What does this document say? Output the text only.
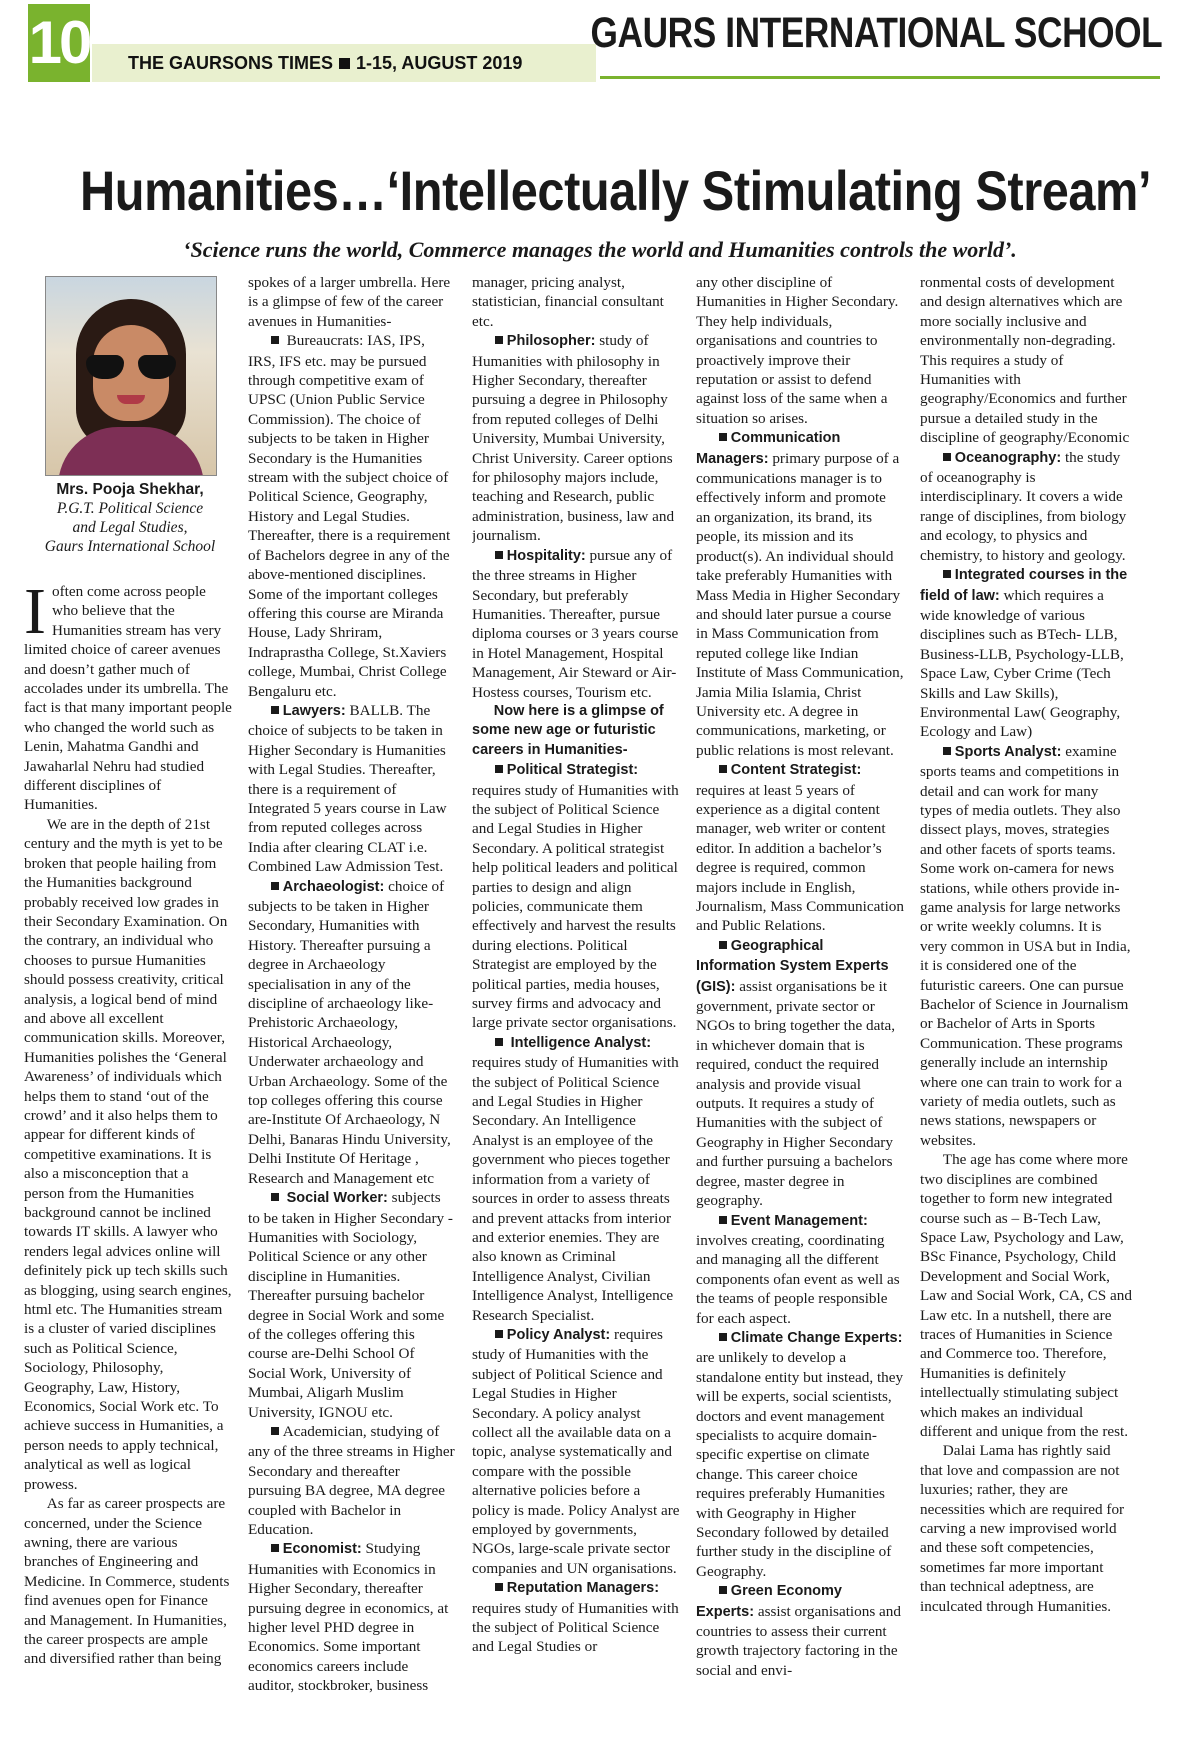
10	THE GAURSONS TIMES 1-15, AUGUST 2019
GAURS INTERNATIONAL SCHOOL
Humanities…‘Intellectually Stimulating Stream’

‘Science runs the world, Commerce manages the world and Humanities controls the world’.

Mrs. Pooja Shekhar,
P.G.T. Political Science
and Legal Studies,
Gaurs International School

Ioften come across people who believe that the Humanities stream has very limited choice of career avenues and doesn’t gather much of accolades under its umbrella. The fact is that many important people who changed the world such as Lenin, Mahatma Gandhi and Jawaharlal Nehru had studied different disciplines of Humanities.

We are in the depth of 21st century and the myth is yet to be broken that people hailing from the Humanities background probably received low grades in their Secondary Examination. On the contrary, an individual who chooses to pursue Humanities should possess creativity, critical analysis, a logical bend of mind and above all excellent communication skills. Moreover, Humanities polishes the ‘General Awareness’ of individuals which helps them to stand ‘out of the crowd’ and it also helps them to appear for different kinds of competitive examinations. It is also a misconception that a person from the Humanities background cannot be inclined towards IT skills. A lawyer who renders legal advices online will definitely pick up tech skills such as blogging, using search engines, html etc. The Humanities stream is a cluster of varied disciplines such as Political Science, Sociology, Philosophy, Geography, Law, History, Economics, Social Work etc. To achieve success in Humanities, a person needs to apply technical, analytical as well as logical prowess.

As far as career prospects are concerned, under the Science awning, there are various branches of Engineering and Medicine. In Commerce, students find avenues open for Finance and Management. In Humanities, the career prospects are ample and diversified rather than being

spokes of a larger umbrella. Here is a glimpse of few of the career avenues in Humanities-

Bureaucrats: IAS, IPS, IRS, IFS etc. may be pursued through competitive exam of UPSC (Union Public Service Commission). The choice of subjects to be taken in Higher Secondary is the Humanities stream with the subject choice of Political Science, Geography, History and Legal Studies. Thereafter, there is a requirement of Bachelors degree in any of the above-mentioned disciplines. Some of the important colleges offering this course are Miranda House, Lady Shriram, Indraprastha College, St.Xaviers college, Mumbai, Christ College Bengaluru etc.

Lawyers: BALLB. The choice of subjects to be taken in Higher Secondary is Humanities with Legal Studies. Thereafter, there is a requirement of Integrated 5 years course in Law from reputed colleges across India after clearing CLAT i.e. Combined Law Admission Test.

Archaeologist: choice of subjects to be taken in Higher Secondary, Humanities with History. Thereafter pursuing a degree in Archaeology specialisation in any of the discipline of archaeology like-Prehistoric Archaeology, Historical Archaeology, Underwater archaeology and Urban Archaeology. Some of the top colleges offering this course are-Institute Of Archaeology, N Delhi, Banaras Hindu University, Delhi Institute Of Heritage , Research and Management etc

Social Worker: subjects to be taken in Higher Secondary - Humanities with Sociology, Political Science or any other discipline in Humanities. Thereafter pursuing bachelor degree in Social Work and some of the colleges offering this course are-Delhi School Of Social Work, University of Mumbai, Aligarh Muslim University, IGNOU etc.

Academician, studying of any of the three streams in Higher Secondary and thereafter pursuing BA degree, MA degree coupled with Bachelor in Education.

Economist: Studying Humanities with Economics in Higher Secondary, thereafter pursuing degree in economics, at higher level PHD degree in Economics. Some important economics careers include auditor, stockbroker, business

manager, pricing analyst, statistician, financial consultant etc.

Philosopher: study of Humanities with philosophy in Higher Secondary, thereafter pursuing a degree in Philosophy from reputed colleges of Delhi University, Mumbai University, Christ University. Career options for philosophy majors include, teaching and Research, public administration, business, law and journalism.

Hospitality: pursue any of the three streams in Higher Secondary, but preferably Humanities. Thereafter, pursue diploma courses or 3 years course in Hotel Management, Hospital Management, Air Steward or Air-Hostess courses, Tourism etc.

Now here is a glimpse of some new age or futuristic careers in Humanities-

Political Strategist: requires study of Humanities with the subject of Political Science and Legal Studies in Higher Secondary. A political strategist help political leaders and political parties to design and align policies, communicate them effectively and harvest the results during elections. Political Strategist are employed by the political parties, media houses, survey firms and advocacy and large private sector organisations.

Intelligence Analyst: requires study of Humanities with the subject of Political Science and Legal Studies in Higher Secondary. An Intelligence Analyst is an employee of the government who pieces together information from a variety of sources in order to assess threats and prevent attacks from interior and exterior enemies. They are also known as Criminal Intelligence Analyst, Civilian Intelligence Analyst, Intelligence Research Specialist.

Policy Analyst: requires study of Humanities with the subject of Political Science and Legal Studies in Higher Secondary. A policy analyst collect all the available data on a topic, analyse systematically and compare with the possible alternative policies before a policy is made. Policy Analyst are employed by governments, NGOs, large-scale private sector companies and UN organisations.

Reputation Managers: requires study of Humanities with the subject of Political Science and Legal Studies or

any other discipline of Humanities in Higher Secondary. They help individuals, organisations and countries to proactively improve their reputation or assist to defend against loss of the same when a situation so arises.

Communication Managers: primary purpose of a communications manager is to effectively inform and promote an organization, its brand, its people, its mission and its product(s). An individual should take preferably Humanities with Mass Media in Higher Secondary and should later pursue a course in Mass Communication from reputed college like Indian Institute of Mass Communication, Jamia Milia Islamia, Christ University etc. A degree in communications, marketing, or public relations is most relevant.

Content Strategist: requires at least 5 years of experience as a digital content manager, web writer or content editor. In addition a bachelor’s degree is required, common majors include in English, Journalism, Mass Communication and Public Relations.

Geographical Information System Experts (GIS): assist organisations be it government, private sector or NGOs to bring together the data, in whichever domain that is required, conduct the required analysis and provide visual outputs. It requires a study of Humanities with the subject of Geography in Higher Secondary and further pursuing a bachelors degree, master degree in geography.

Event Management: involves creating, coordinating and managing all the different components ofan event as well as the teams of people responsible for each aspect.

Climate Change Experts: are unlikely to develop a standalone entity but instead, they will be experts, social scientists, doctors and event management specialists to acquire domain-specific expertise on climate change. This career choice requires preferably Humanities with Geography in Higher Secondary followed by detailed further study in the discipline of Geography.

Green Economy Experts: assist organisations and countries to assess their current growth trajectory factoring in the social and envi-

ronmental costs of development and design alternatives which are more socially inclusive and environmentally non-degrading. This requires a study of Humanities with geography/Economics and further pursue a detailed study in the discipline of geography/Economic

Oceanography: the study of oceanography is interdisciplinary. It covers a wide range of disciplines, from biology and ecology, to physics and chemistry, to history and geology.

Integrated courses in the field of law: which requires a wide knowledge of various disciplines such as BTech- LLB, Business-LLB, Psychology-LLB, Space Law, Cyber Crime (Tech Skills and Law Skills), Environmental Law( Geography, Ecology and Law)

Sports Analyst: examine sports teams and competitions in detail and can work for many types of media outlets. They also dissect plays, moves, strategies and other facets of sports teams. Some work on-camera for news stations, while others provide in-game analysis for large networks or write weekly columns. It is very common in USA but in India, it is considered one of the futuristic careers. One can pursue Bachelor of Science in Journalism or Bachelor of Arts in Sports Communication. These programs generally include an internship where one can train to work for a variety of media outlets, such as news stations, newspapers or websites.

The age has come where more two disciplines are combined together to form new integrated course such as – B-Tech Law, Space Law, Psychology and Law, BSc Finance, Psychology, Child Development and Social Work, Law and Social Work, CA, CS and Law etc. In a nutshell, there are traces of Humanities in Science and Commerce too. Therefore, Humanities is definitely intellectually stimulating subject which makes an individual different and unique from the rest.

Dalai Lama has rightly said that love and compassion are not luxuries; rather, they are necessities which are required for carving a new improvised world and these soft competencies, sometimes far more important than technical adeptness, are inculcated through Humanities.
